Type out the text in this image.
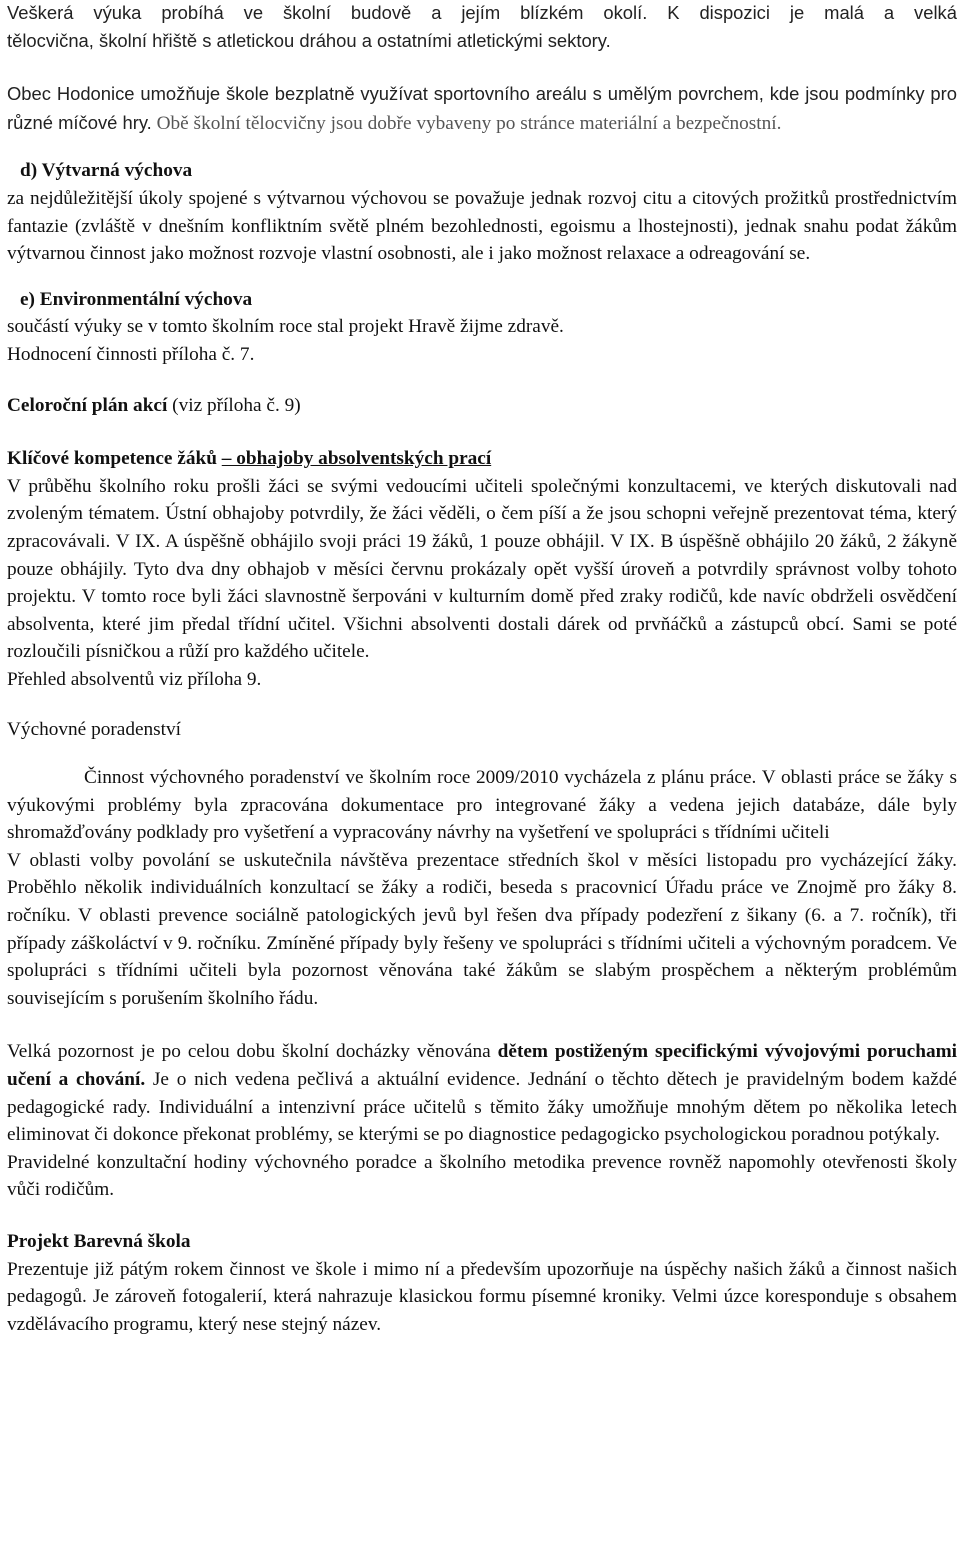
Veškerá výuka probíhá ve školní budově a jejím blízkém okolí. K dispozici je malá a velká

tělocvična, školní hřiště s atletickou dráhou a ostatními atletickými sektory.

Obec Hodonice umožňuje škole bezplatně využívat sportovního areálu s umělým povrchem, kde jsou podmínky pro různé míčové hry. Obě školní tělocvičny jsou dobře vybaveny po stránce materiální a bezpečnostní.

d) Výtvarná výchova

za nejdůležitější úkoly spojené s výtvarnou výchovou se považuje jednak rozvoj citu a citových prožitků prostřednictvím fantazie (zvláště v dnešním konfliktním světě plném bezohlednosti, egoismu a lhostejnosti), jednak snahu podat žákům výtvarnou činnost jako možnost rozvoje vlastní osobnosti, ale i jako možnost relaxace a odreagování se.

e) Environmentální výchova

součástí výuky se v tomto školním roce stal projekt Hravě žijme zdravě.

Hodnocení činnosti příloha č. 7.

Celoroční plán akcí (viz příloha č. 9)

Klíčové kompetence žáků – obhajoby absolventských prací

V průběhu školního roku prošli žáci se svými vedoucími učiteli společnými konzultacemi, ve kterých diskutovali nad zvoleným tématem. Ústní obhajoby potvrdily, že žáci věděli, o čem píší a že jsou schopni veřejně prezentovat téma, který zpracovávali. V IX. A úspěšně obhájilo svoji práci 19 žáků, 1 pouze obhájil. V IX. B úspěšně obhájilo 20 žáků, 2 žákyně pouze obhájily. Tyto dva dny obhajob v měsíci červnu prokázaly opět vyšší úroveň a potvrdily správnost volby tohoto projektu. V tomto roce byli žáci slavnostně šerpováni v kulturním domě před zraky rodičů, kde navíc obdrželi osvědčení absolventa, které jim předal třídní učitel. Všichni absolventi dostali dárek od prvňáčků a zástupců obcí. Sami se poté rozloučili písničkou a růží pro každého učitele.

Přehled absolventů viz příloha 9.

Výchovné poradenství

Činnost výchovného poradenství ve školním roce 2009/2010 vycházela z plánu práce. V oblasti práce se žáky s výukovými problémy byla zpracována dokumentace pro integrované žáky a vedena jejich databáze, dále byly shromažďovány podklady pro vyšetření a vypracovány návrhy na vyšetření ve spolupráci s třídními učiteli

V oblasti volby povolání se uskutečnila návštěva prezentace středních škol v měsíci listopadu pro vycházející žáky. Proběhlo několik individuálních konzultací se žáky a rodiči, beseda s pracovnicí Úřadu práce ve Znojmě pro žáky 8. ročníku. V oblasti prevence sociálně patologických jevů byl řešen dva případy podezření z šikany (6. a 7. ročník), tři případy záškoláctví v 9. ročníku. Zmíněné případy byly řešeny ve spolupráci s třídními učiteli a výchovným poradcem. Ve spolupráci s třídními učiteli byla pozornost věnována také žákům se slabým prospěchem a některým problémům souvisejícím s porušením školního řádu.

Velká pozornost je po celou dobu školní docházky věnována dětem postiženým specifickými vývojovými poruchami učení a chování. Je o nich vedena pečlivá a aktuální evidence. Jednání o těchto dětech je pravidelným bodem každé pedagogické rady. Individuální a intenzivní práce učitelů s těmito žáky umožňuje mnohým dětem po několika letech eliminovat či dokonce překonat problémy, se kterými se po diagnostice pedagogicko psychologickou poradnou potýkaly.

Pravidelné konzultační hodiny výchovného poradce a školního metodika prevence rovněž napomohly otevřenosti školy vůči rodičům.

Projekt Barevná škola

Prezentuje již pátým rokem činnost ve škole i mimo ní a především upozorňuje na úspěchy našich žáků a činnost našich pedagogů. Je zároveň fotogalerií, která nahrazuje klasickou formu písemné kroniky. Velmi úzce koresponduje s obsahem vzdělávacího programu, který nese stejný název.
